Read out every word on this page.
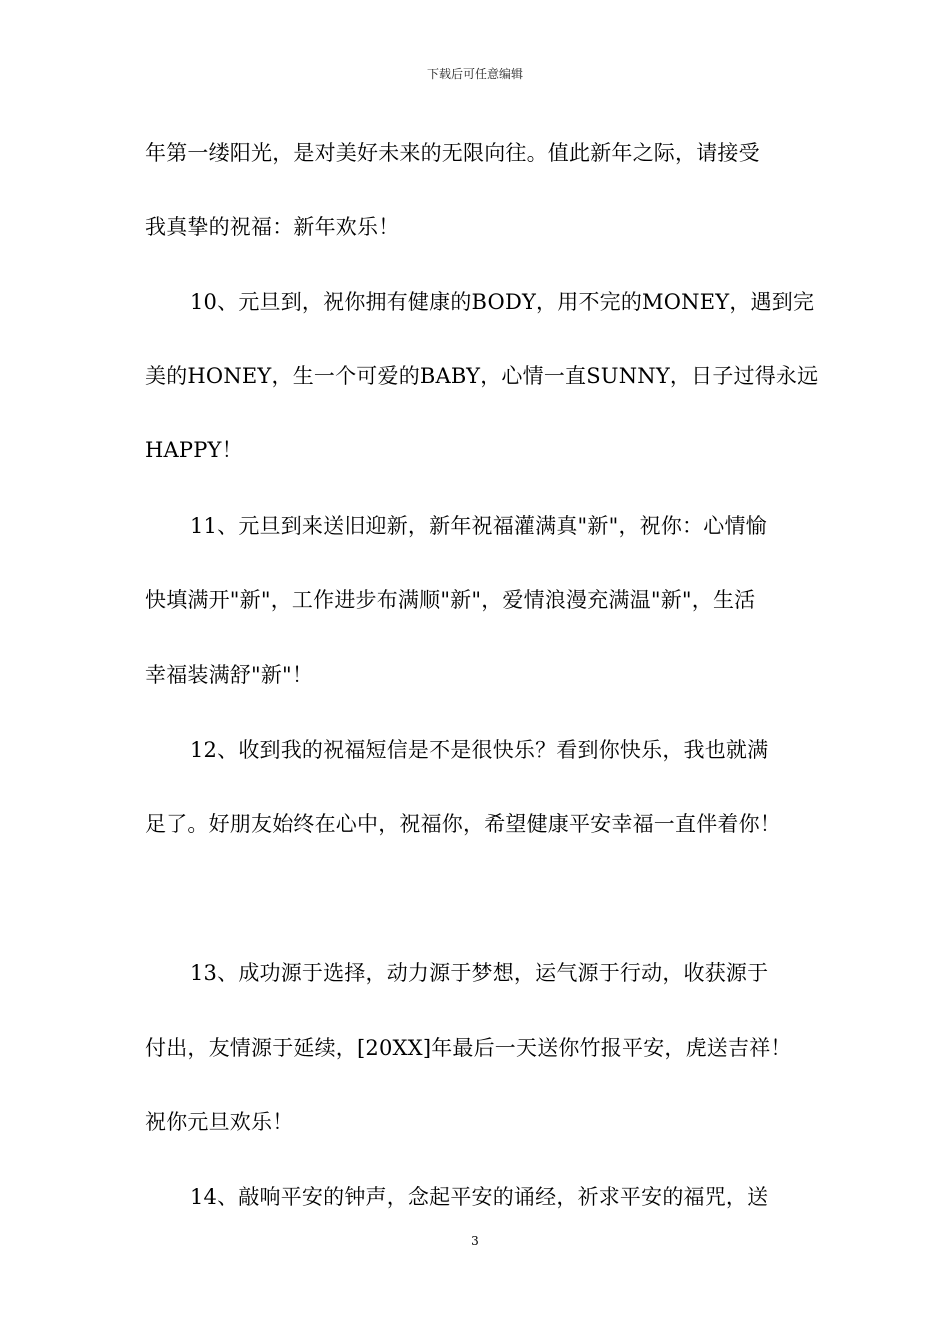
下载后可任意编辑
年第一缕阳光，是对美好未来的无限向往。值此新年之际，请接受
我真挚的祝福：新年欢乐！
10、元旦到，祝你拥有健康的BODY，用不完的MONEY，遇到完
美的HONEY，生一个可爱的BABY，心情一直SUNNY，日子过得永远
HAPPY！
11、元旦到来送旧迎新，新年祝福灌满真"新"，祝你：心情愉
快填满开"新"，工作进步布满顺"新"，爱情浪漫充满温"新"，生活
幸福装满舒"新"！
12、收到我的祝福短信是不是很快乐？看到你快乐，我也就满
足了。好朋友始终在心中，祝福你，希望健康平安幸福一直伴着你！
13、成功源于选择，动力源于梦想，运气源于行动，收获源于
付出，友情源于延续，[20XX]年最后一天送你竹报平安，虎送吉祥！
祝你元旦欢乐！
14、敲响平安的钟声，念起平安的诵经，祈求平安的福咒，送
3
